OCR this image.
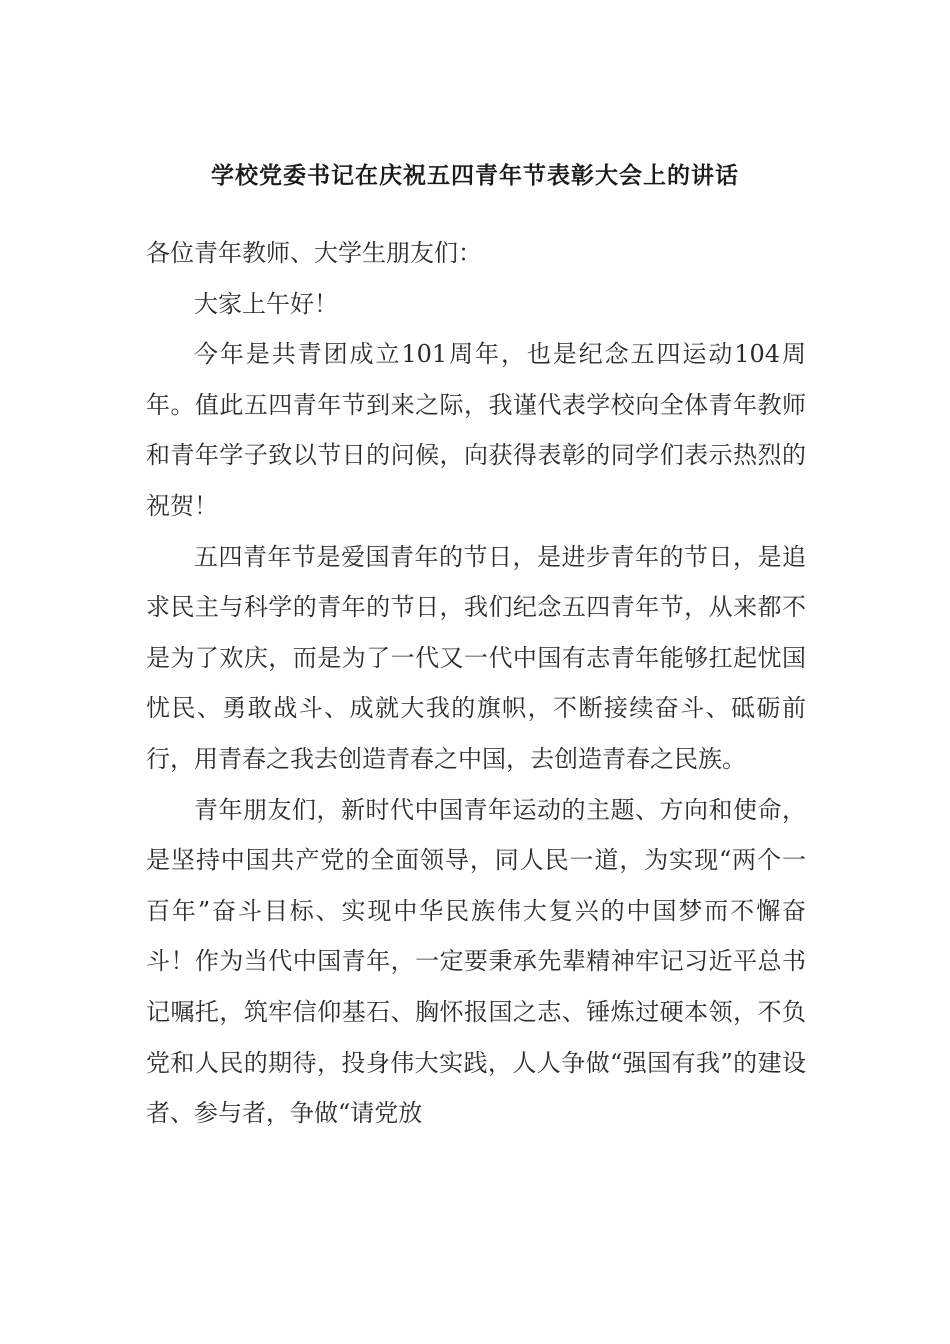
学校党委书记在庆祝五四青年节表彰大会上的讲话

各位青年教师、大学生朋友们：

大家上午好！

今年是共青团成立101周年，也是纪念五四运动104周年。值此五四青年节到来之际，我谨代表学校向全体青年教师和青年学子致以节日的问候，向获得表彰的同学们表示热烈的祝贺！

五四青年节是爱国青年的节日，是进步青年的节日，是追求民主与科学的青年的节日，我们纪念五四青年节，从来都不是为了欢庆，而是为了一代又一代中国有志青年能够扛起忧国忧民、勇敢战斗、成就大我的旗帜，不断接续奋斗、砥砺前行，用青春之我去创造青春之中国，去创造青春之民族。

青年朋友们，新时代中国青年运动的主题、方向和使命，是坚持中国共产党的全面领导，同人民一道，为实现“两个一百年”奋斗目标、实现中华民族伟大复兴的中国梦而不懈奋斗！作为当代中国青年，一定要秉承先辈精神牢记习近平总书记嘱托，筑牢信仰基石、胸怀报国之志、锤炼过硬本领，不负党和人民的期待，投身伟大实践，人人争做“强国有我”的建设者、参与者，争做“请党放
